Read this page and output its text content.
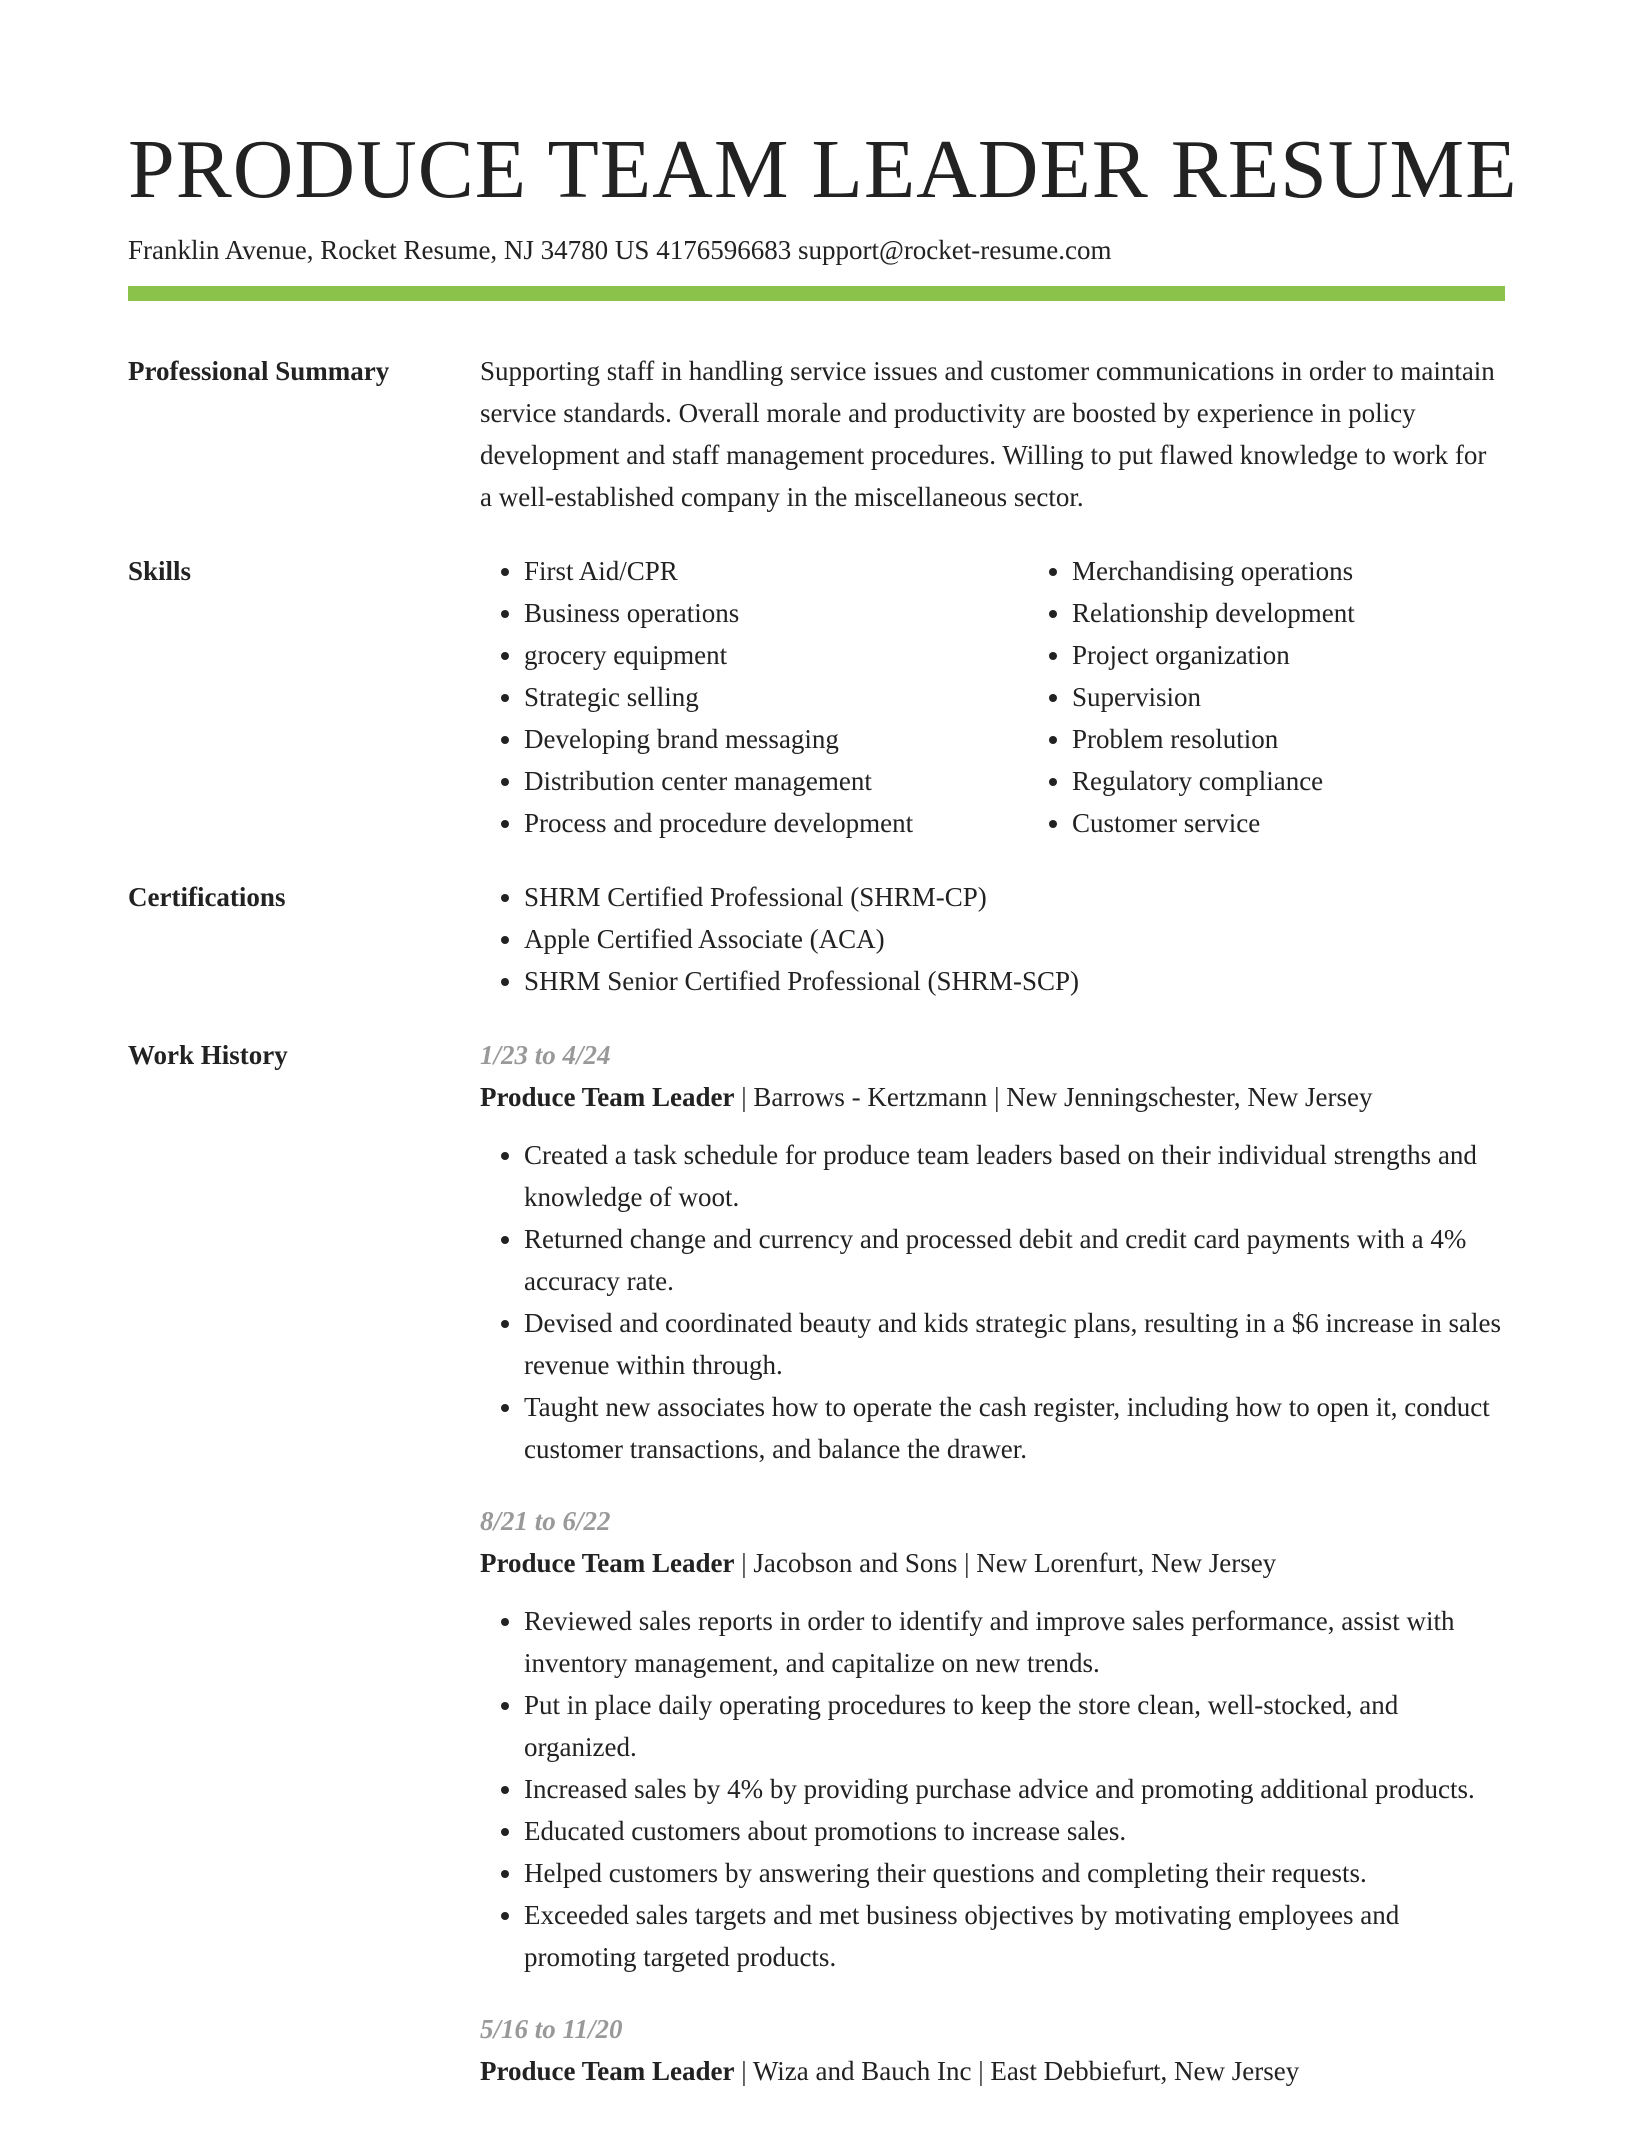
PRODUCE TEAM LEADER RESUME
Franklin Avenue, Rocket Resume, NJ 34780 US 4176596683 support@rocket-resume.com
Professional Summary	Supporting staff in handling service issues and customer communications in order to maintain service standards. Overall morale and productivity are boosted by experience in policy development and staff management procedures. Willing to put flawed knowledge to work for a well-established company in the miscellaneous sector.

Skills	• First Aid/CPR
• Business operations
• grocery equipment
• Strategic selling
• Developing brand messaging
• Distribution center management
• Process and procedure development
• Merchandising operations
• Relationship development
• Project organization
• Supervision
• Problem resolution
• Regulatory compliance
• Customer service
Certifications	• SHRM Certified Professional (SHRM-CP)
• Apple Certified Associate (ACA)
• SHRM Senior Certified Professional (SHRM-SCP)
Work History	1/23 to 4/24
Produce Team Leader | Barrows - Kertzmann | New Jenningschester, New Jersey
• Created a task schedule for produce team leaders based on their individual strengths and knowledge of woot.
• Returned change and currency and processed debit and credit card payments with a 4% accuracy rate.
• Devised and coordinated beauty and kids strategic plans, resulting in a $6 increase in sales revenue within through.
• Taught new associates how to operate the cash register, including how to open it, conduct customer transactions, and balance the drawer.
8/21 to 6/22
Produce Team Leader | Jacobson and Sons | New Lorenfurt, New Jersey
• Reviewed sales reports in order to identify and improve sales performance, assist with inventory management, and capitalize on new trends.
• Put in place daily operating procedures to keep the store clean, well-stocked, and organized.
• Increased sales by 4% by providing purchase advice and promoting additional products.
• Educated customers about promotions to increase sales.
• Helped customers by answering their questions and completing their requests.
• Exceeded sales targets and met business objectives by motivating employees and promoting targeted products.
5/16 to 11/20
Produce Team Leader | Wiza and Bauch Inc | East Debbiefurt, New Jersey
